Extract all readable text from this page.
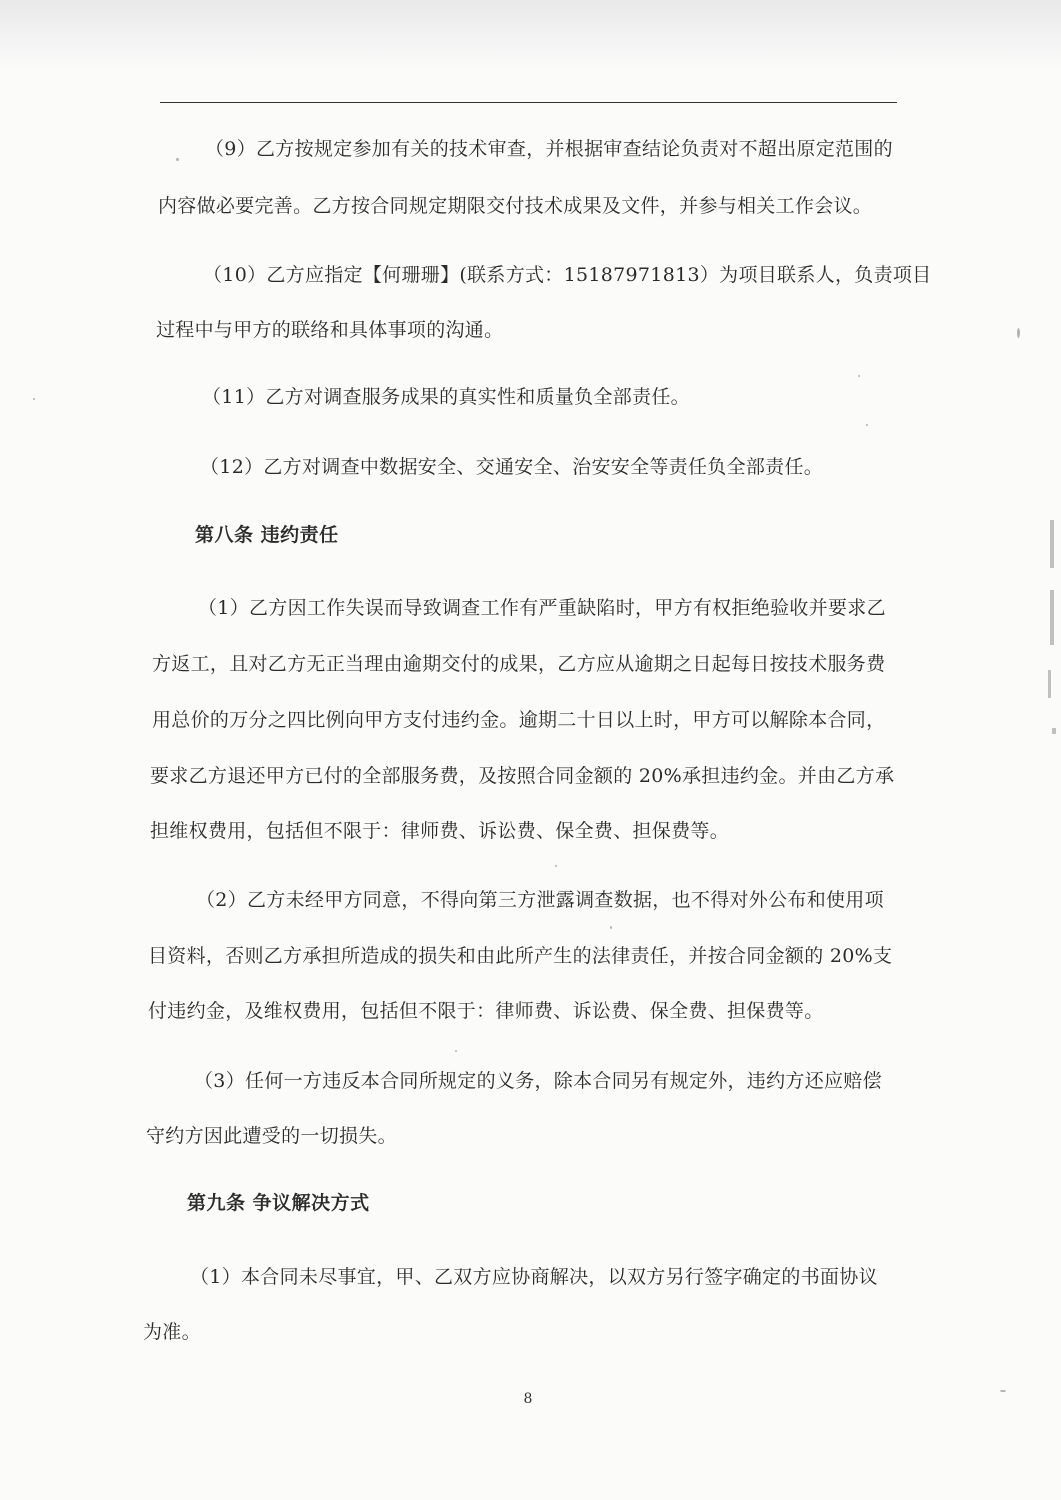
（9）乙方按规定参加有关的技术审查，并根据审查结论负责对不超出原定范围的
内容做必要完善。乙方按合同规定期限交付技术成果及文件，并参与相关工作会议。
（10）乙方应指定【何珊珊】(联系方式：15187971813）为项目联系人，负责项目
过程中与甲方的联络和具体事项的沟通。
（11）乙方对调查服务成果的真实性和质量负全部责任。
（12）乙方对调查中数据安全、交通安全、治安安全等责任负全部责任。
第八条 违约责任
（1）乙方因工作失误而导致调查工作有严重缺陷时，甲方有权拒绝验收并要求乙
方返工，且对乙方无正当理由逾期交付的成果，乙方应从逾期之日起每日按技术服务费
用总价的万分之四比例向甲方支付违约金。逾期二十日以上时，甲方可以解除本合同，
要求乙方退还甲方已付的全部服务费，及按照合同金额的 20%承担违约金。并由乙方承
担维权费用，包括但不限于：律师费、诉讼费、保全费、担保费等。
（2）乙方未经甲方同意，不得向第三方泄露调查数据，也不得对外公布和使用项
目资料，否则乙方承担所造成的损失和由此所产生的法律责任，并按合同金额的 20%支
付违约金，及维权费用，包括但不限于：律师费、诉讼费、保全费、担保费等。
（3）任何一方违反本合同所规定的义务，除本合同另有规定外，违约方还应赔偿
守约方因此遭受的一切损失。
第九条 争议解决方式
（1）本合同未尽事宜，甲、乙双方应协商解决，以双方另行签字确定的书面协议
为准。
8
